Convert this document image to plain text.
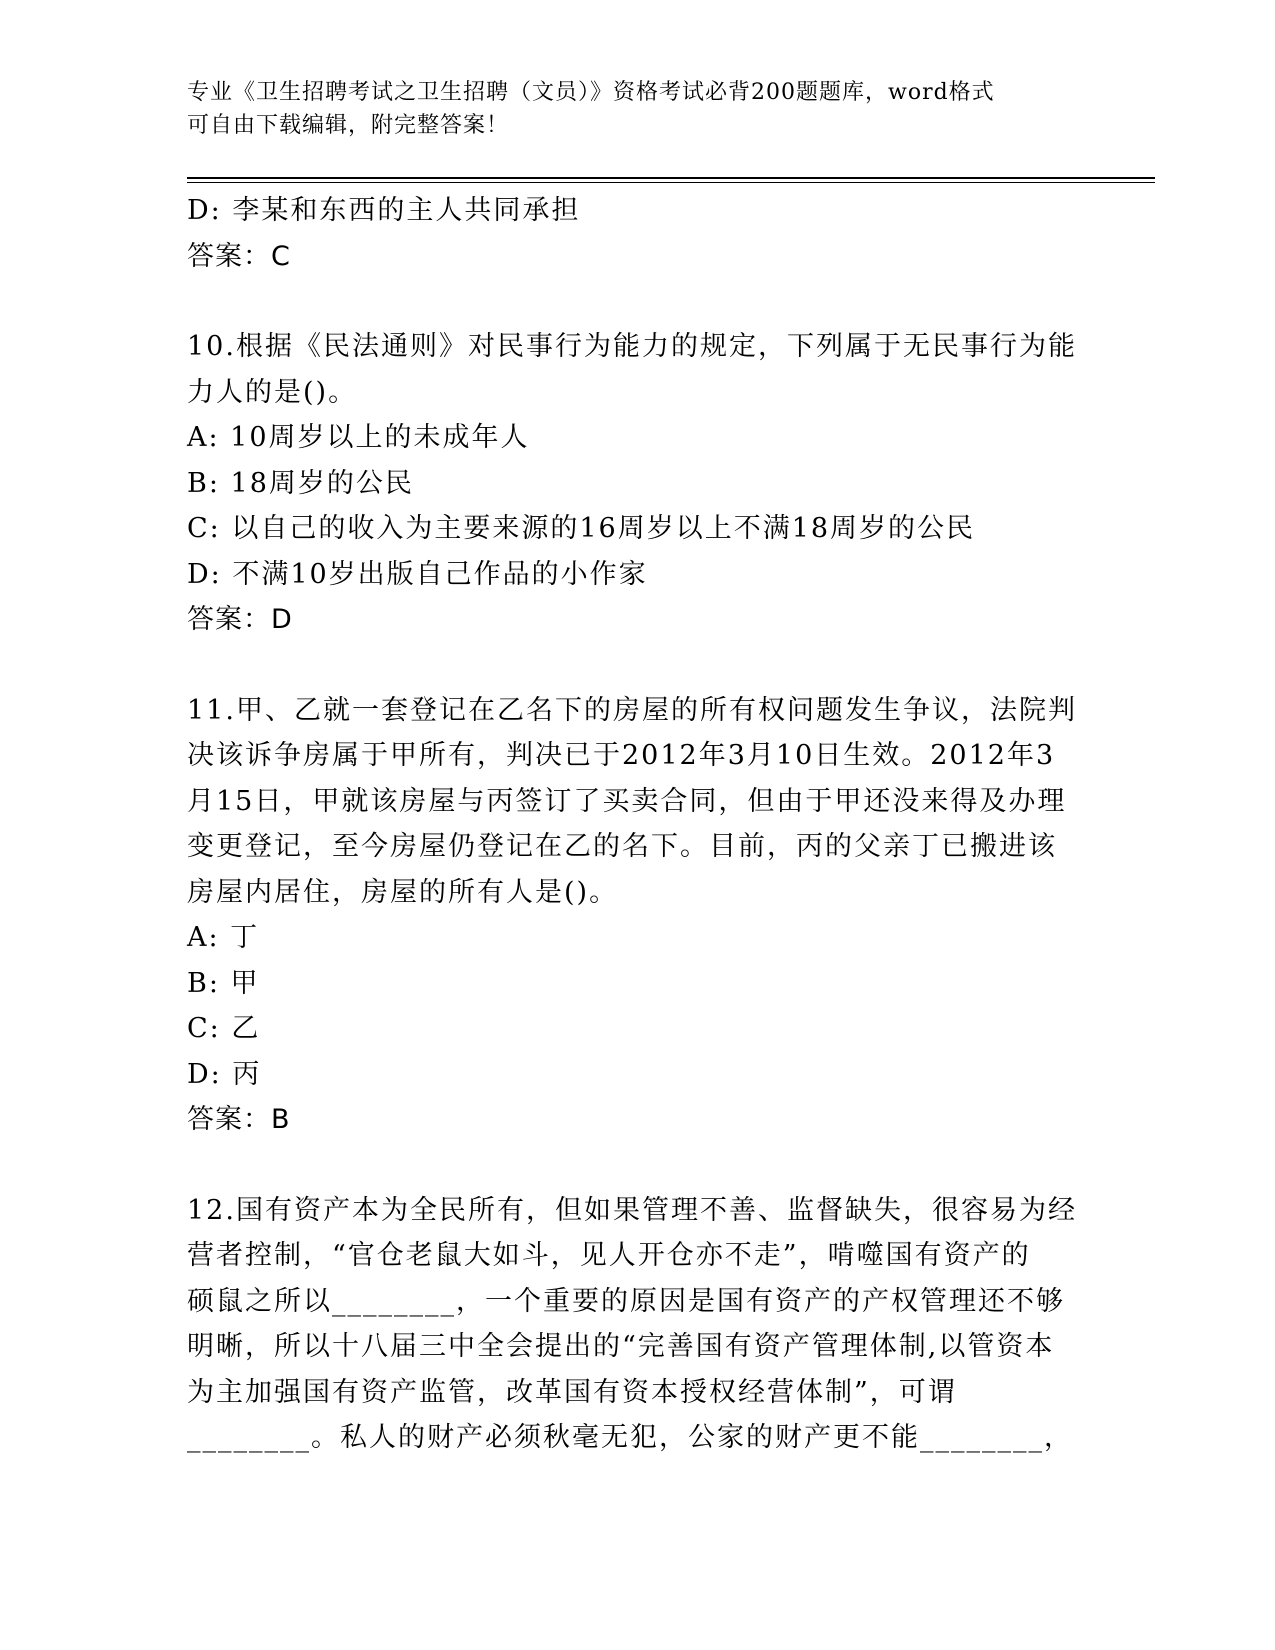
专业《卫生招聘考试之卫生招聘（文员）》资格考试必背200题题库，word格式
可自由下载编辑，附完整答案！
D: 李某和东西的主人共同承担
答案：C
10.根据《民法通则》对民事行为能力的规定，下列属于无民事行为能
力人的是()。
A: 10周岁以上的未成年人
B: 18周岁的公民
C: 以自己的收入为主要来源的16周岁以上不满18周岁的公民
D: 不满10岁出版自己作品的小作家
答案：D
11.甲、乙就一套登记在乙名下的房屋的所有权问题发生争议，法院判
决该诉争房属于甲所有，判决已于2012年3月10日生效。2012年3
月15日，甲就该房屋与丙签订了买卖合同，但由于甲还没来得及办理
变更登记，至今房屋仍登记在乙的名下。目前，丙的父亲丁已搬进该
房屋内居住，房屋的所有人是()。
A: 丁
B: 甲
C: 乙
D: 丙
答案：B
12.国有资产本为全民所有，但如果管理不善、监督缺失，很容易为经
营者控制，“官仓老鼠大如斗，见人开仓亦不走”，啃噬国有资产的
硕鼠之所以________，一个重要的原因是国有资产的产权管理还不够
明晰，所以十八届三中全会提出的“完善国有资产管理体制,以管资本
为主加强国有资产监管，改革国有资本授权经营体制”，可谓
________。私人的财产必须秋毫无犯，公家的财产更不能________，
